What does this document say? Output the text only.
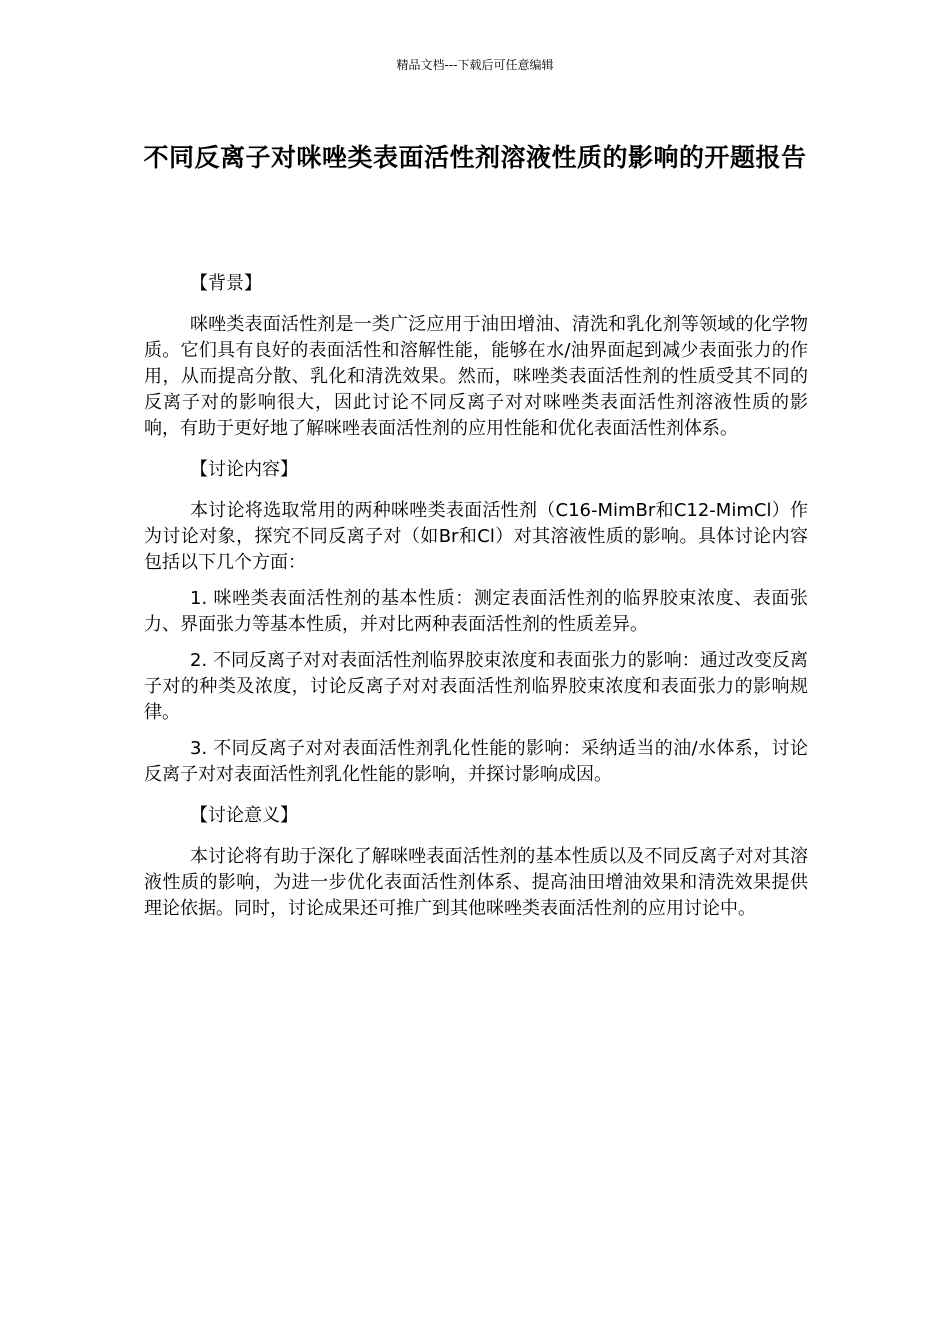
精品文档---下载后可任意编辑
不同反离子对咪唑类表面活性剂溶液性质的影响的开题报告
【背景】

咪唑类表面活性剂是一类广泛应用于油田增油、清洗和乳化剂等领域的化学物质。它们具有良好的表面活性和溶解性能，能够在水/油界面起到减少表面张力的作用，从而提高分散、乳化和清洗效果。然而，咪唑类表面活性剂的性质受其不同的反离子对的影响很大，因此讨论不同反离子对对咪唑类表面活性剂溶液性质的影响，有助于更好地了解咪唑表面活性剂的应用性能和优化表面活性剂体系。

【讨论内容】

本讨论将选取常用的两种咪唑类表面活性剂（C16-MimBr和C12-MimCl）作为讨论对象，探究不同反离子对（如Br和Cl）对其溶液性质的影响。具体讨论内容包括以下几个方面：

1. 咪唑类表面活性剂的基本性质：测定表面活性剂的临界胶束浓度、表面张力、界面张力等基本性质，并对比两种表面活性剂的性质差异。

2. 不同反离子对对表面活性剂临界胶束浓度和表面张力的影响：通过改变反离子对的种类及浓度，讨论反离子对对表面活性剂临界胶束浓度和表面张力的影响规律。

3. 不同反离子对对表面活性剂乳化性能的影响：采纳适当的油/水体系，讨论反离子对对表面活性剂乳化性能的影响，并探讨影响成因。

【讨论意义】

本讨论将有助于深化了解咪唑表面活性剂的基本性质以及不同反离子对对其溶液性质的影响，为进一步优化表面活性剂体系、提高油田增油效果和清洗效果提供理论依据。同时，讨论成果还可推广到其他咪唑类表面活性剂的应用讨论中。
